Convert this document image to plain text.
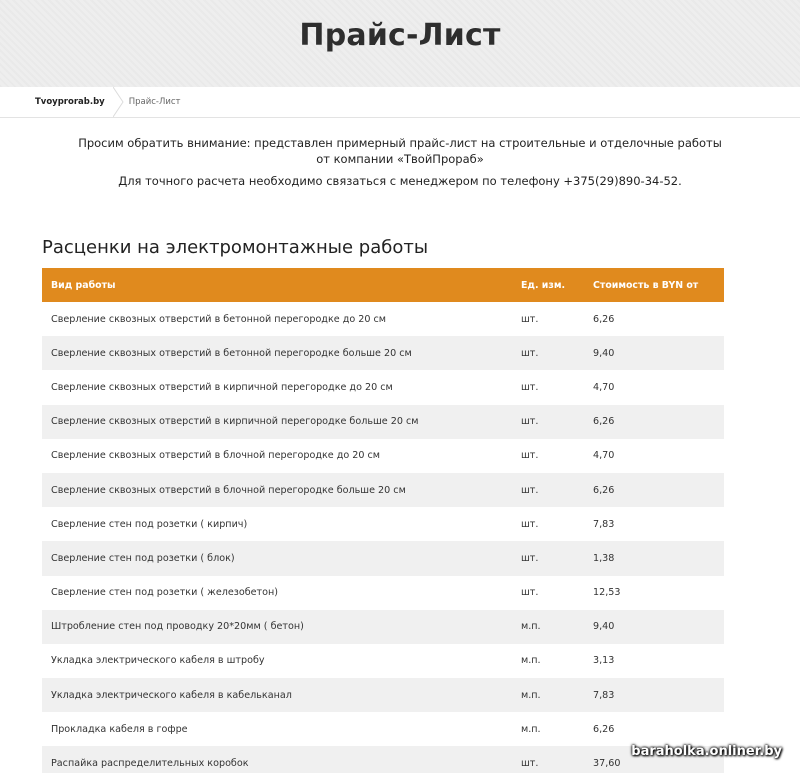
Прайс-Лист
Tvoyprorab.by	Прайс-Лист

Просим обратить внимание: представлен примерный прайс-лист на строительные и отделочные работы от компании «ТвойПрораб»

Для точного расчета необходимо связаться с менеджером по телефону +375(29)890-34-52.

Расценки на электромонтажные работы
Вид работы	Ед. изм.	Стоимость в BYN от
Сверление сквозных отверстий в бетонной перегородке до 20 см	шт.	6,26
Сверление сквозных отверстий в бетонной перегородке больше 20 см	шт.	9,40
Сверление сквозных отверстий в кирпичной перегородке до 20 см	шт.	4,70
Сверление сквозных отверстий в кирпичной перегородке больше 20 см	шт.	6,26
Сверление сквозных отверстий в блочной перегородке до 20 см	шт.	4,70
Сверление сквозных отверстий в блочной перегородке больше 20 см	шт.	6,26
Сверление стен под розетки ( кирпич)	шт.	7,83
Сверление стен под розетки ( блок)	шт.	1,38
Сверление стен под розетки ( железобетон)	шт.	12,53
Штробление стен под проводку 20*20мм ( бетон)	м.п.	9,40
Укладка электрического кабеля в штробу	м.п.	3,13
Укладка электрического кабеля в кабельканал	м.п.	7,83
Прокладка кабеля в гофре	м.п.	6,26
Распайка распределительных коробок	шт.	37,60
baraholka.onliner.by
